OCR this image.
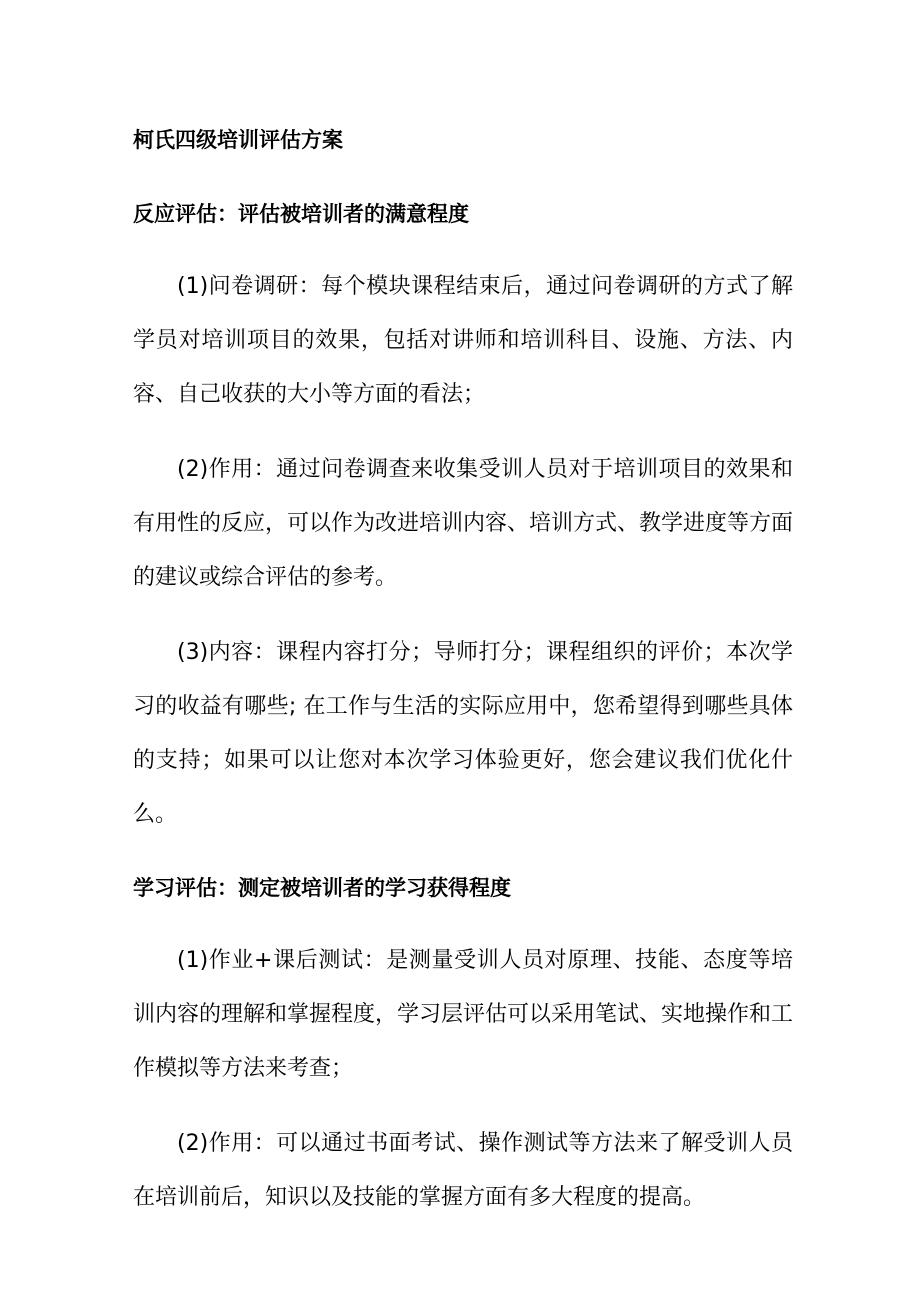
柯氏四级培训评估方案
反应评估：评估被培训者的满意程度

(1)问卷调研：每个模块课程结束后，通过问卷调研的方式了解学员对培训项目的效果，包括对讲师和培训科目、设施、方法、内容、自己收获的大小等方面的看法；

(2)作用：通过问卷调查来收集受训人员对于培训项目的效果和有用性的反应，可以作为改进培训内容、培训方式、教学进度等方面的建议或综合评估的参考。

(3)内容：课程内容打分；导师打分；课程组织的评价；本次学习的收益有哪些; 在工作与生活的实际应用中，您希望得到哪些具体的支持；如果可以让您对本次学习体验更好，您会建议我们优化什么。

学习评估：测定被培训者的学习获得程度

(1)作业+课后测试：是测量受训人员对原理、技能、态度等培训内容的理解和掌握程度，学习层评估可以采用笔试、实地操作和工作模拟等方法来考查；

(2)作用：可以通过书面考试、操作测试等方法来了解受训人员在培训前后，知识以及技能的掌握方面有多大程度的提高。
